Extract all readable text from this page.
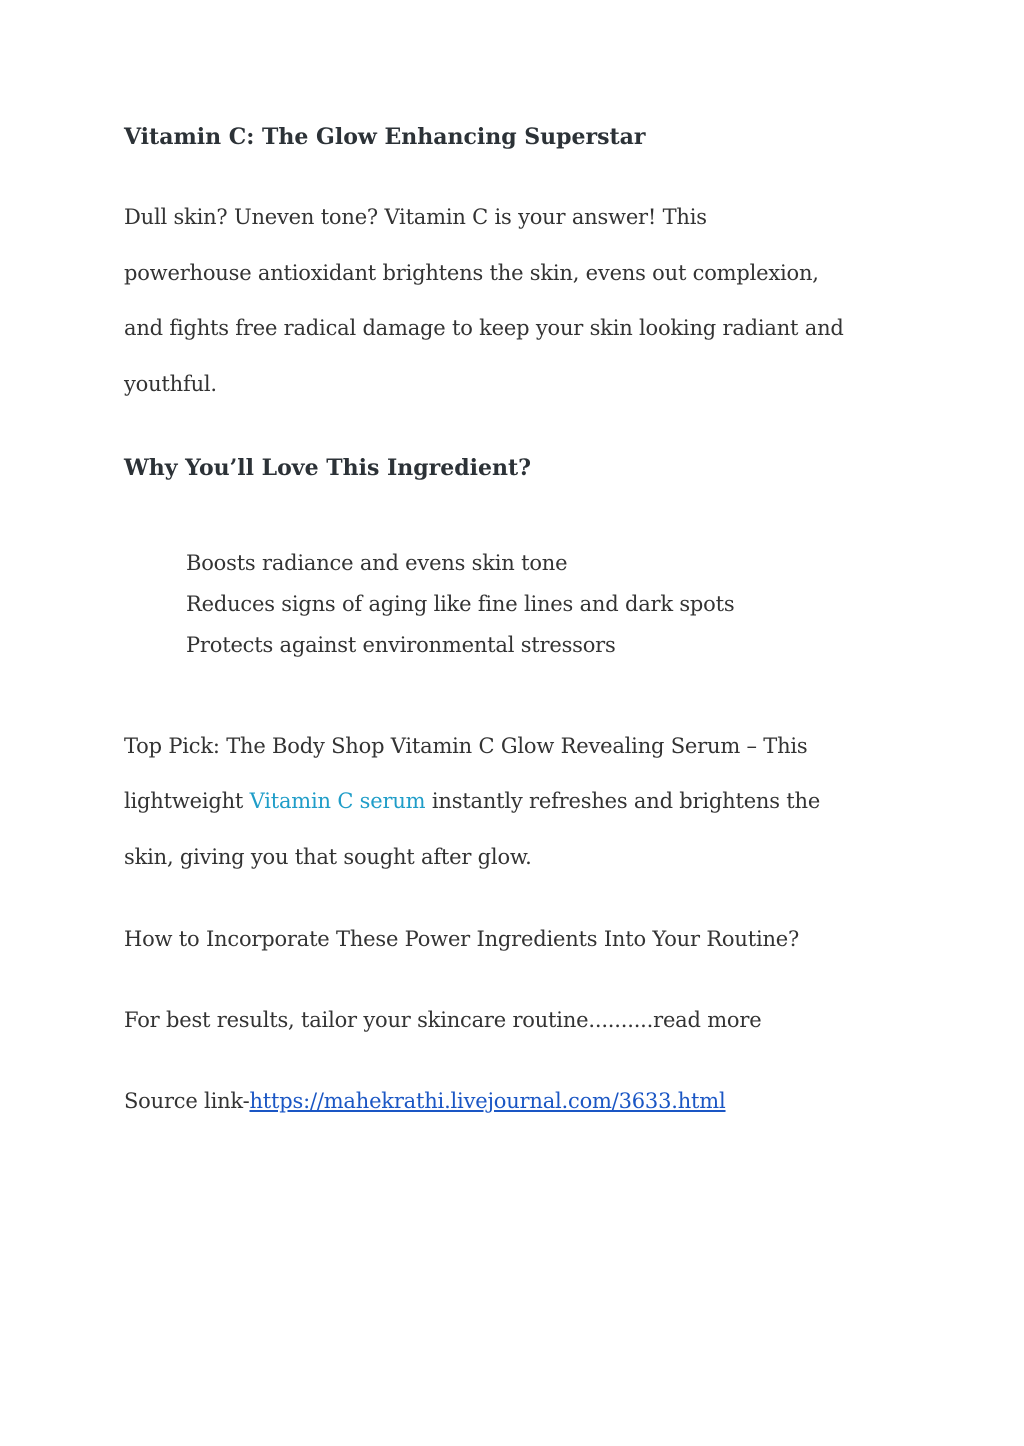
Vitamin C: The Glow Enhancing Superstar
Dull skin? Uneven tone? Vitamin C is your answer! This
powerhouse antioxidant brightens the skin, evens out complexion,
and fights free radical damage to keep your skin looking radiant and
youthful.
Why You’ll Love This Ingredient?
Boosts radiance and evens skin tone
Reduces signs of aging like fine lines and dark spots
Protects against environmental stressors
Top Pick: The Body Shop Vitamin C Glow Revealing Serum – This
lightweight Vitamin C serum instantly refreshes and brightens the
skin, giving you that sought after glow.
How to Incorporate These Power Ingredients Into Your Routine?
For best results, tailor your skincare routine..........read more
Source link-https://mahekrathi.livejournal.com/3633.html
